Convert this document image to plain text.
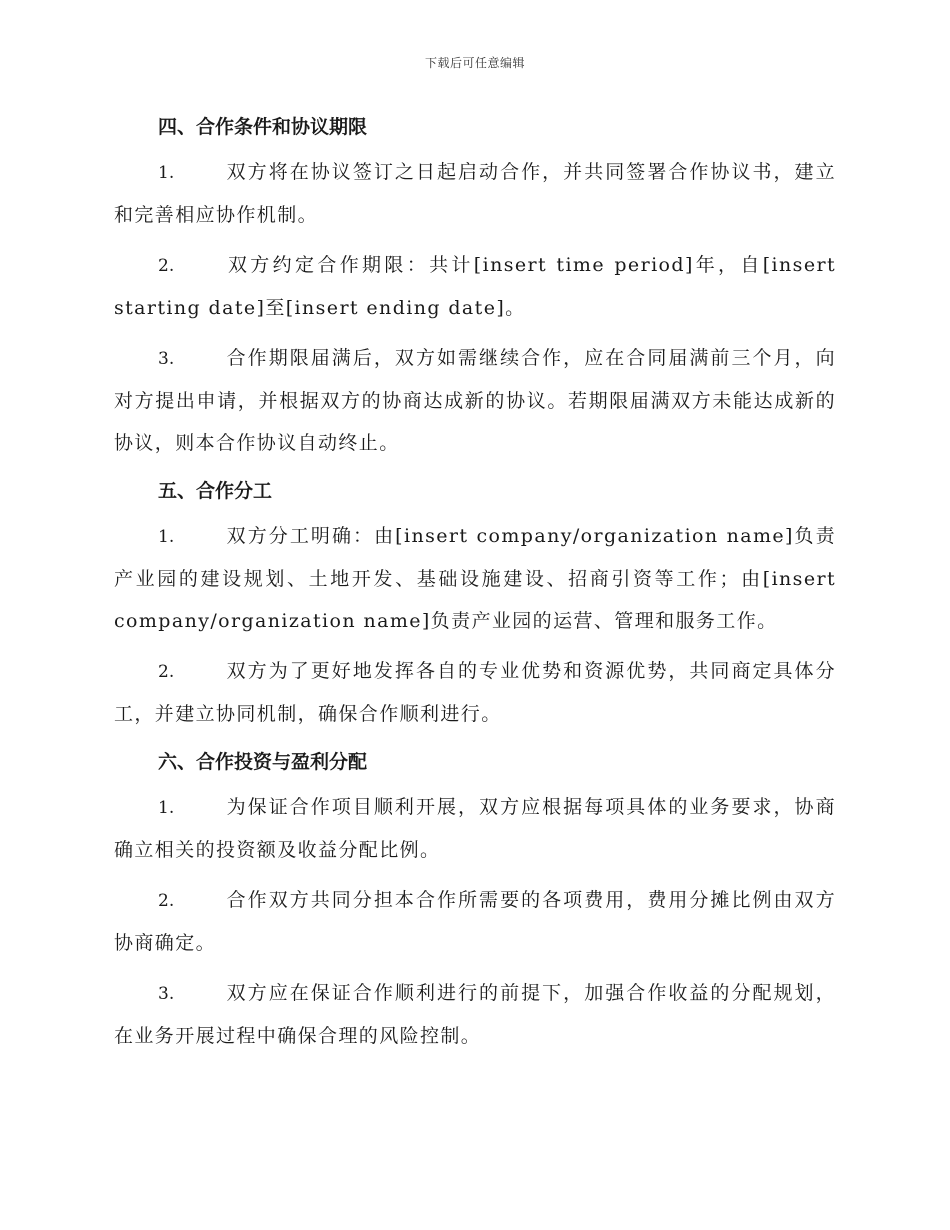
下载后可任意编辑
四、合作条件和协议期限

1.	双方将在协议签订之日起启动合作，并共同签署合作协议书，建立和完善相应协作机制。

2.	双方约定合作期限：共计[insert time period]年，自[insert starting date]至[insert ending date]。

3.	合作期限届满后，双方如需继续合作，应在合同届满前三个月，向对方提出申请，并根据双方的协商达成新的协议。若期限届满双方未能达成新的协议，则本合作协议自动终止。

五、合作分工

1.	双方分工明确：由[insert company/organization name]负责产业园的建设规划、土地开发、基础设施建设、招商引资等工作；由[insert company/organization name]负责产业园的运营、管理和服务工作。

2.	双方为了更好地发挥各自的专业优势和资源优势，共同商定具体分工，并建立协同机制，确保合作顺利进行。

六、合作投资与盈利分配

1.	为保证合作项目顺利开展，双方应根据每项具体的业务要求，协商确立相关的投资额及收益分配比例。

2.	合作双方共同分担本合作所需要的各项费用，费用分摊比例由双方协商确定。

3.	双方应在保证合作顺利进行的前提下，加强合作收益的分配规划，在业务开展过程中确保合理的风险控制。
